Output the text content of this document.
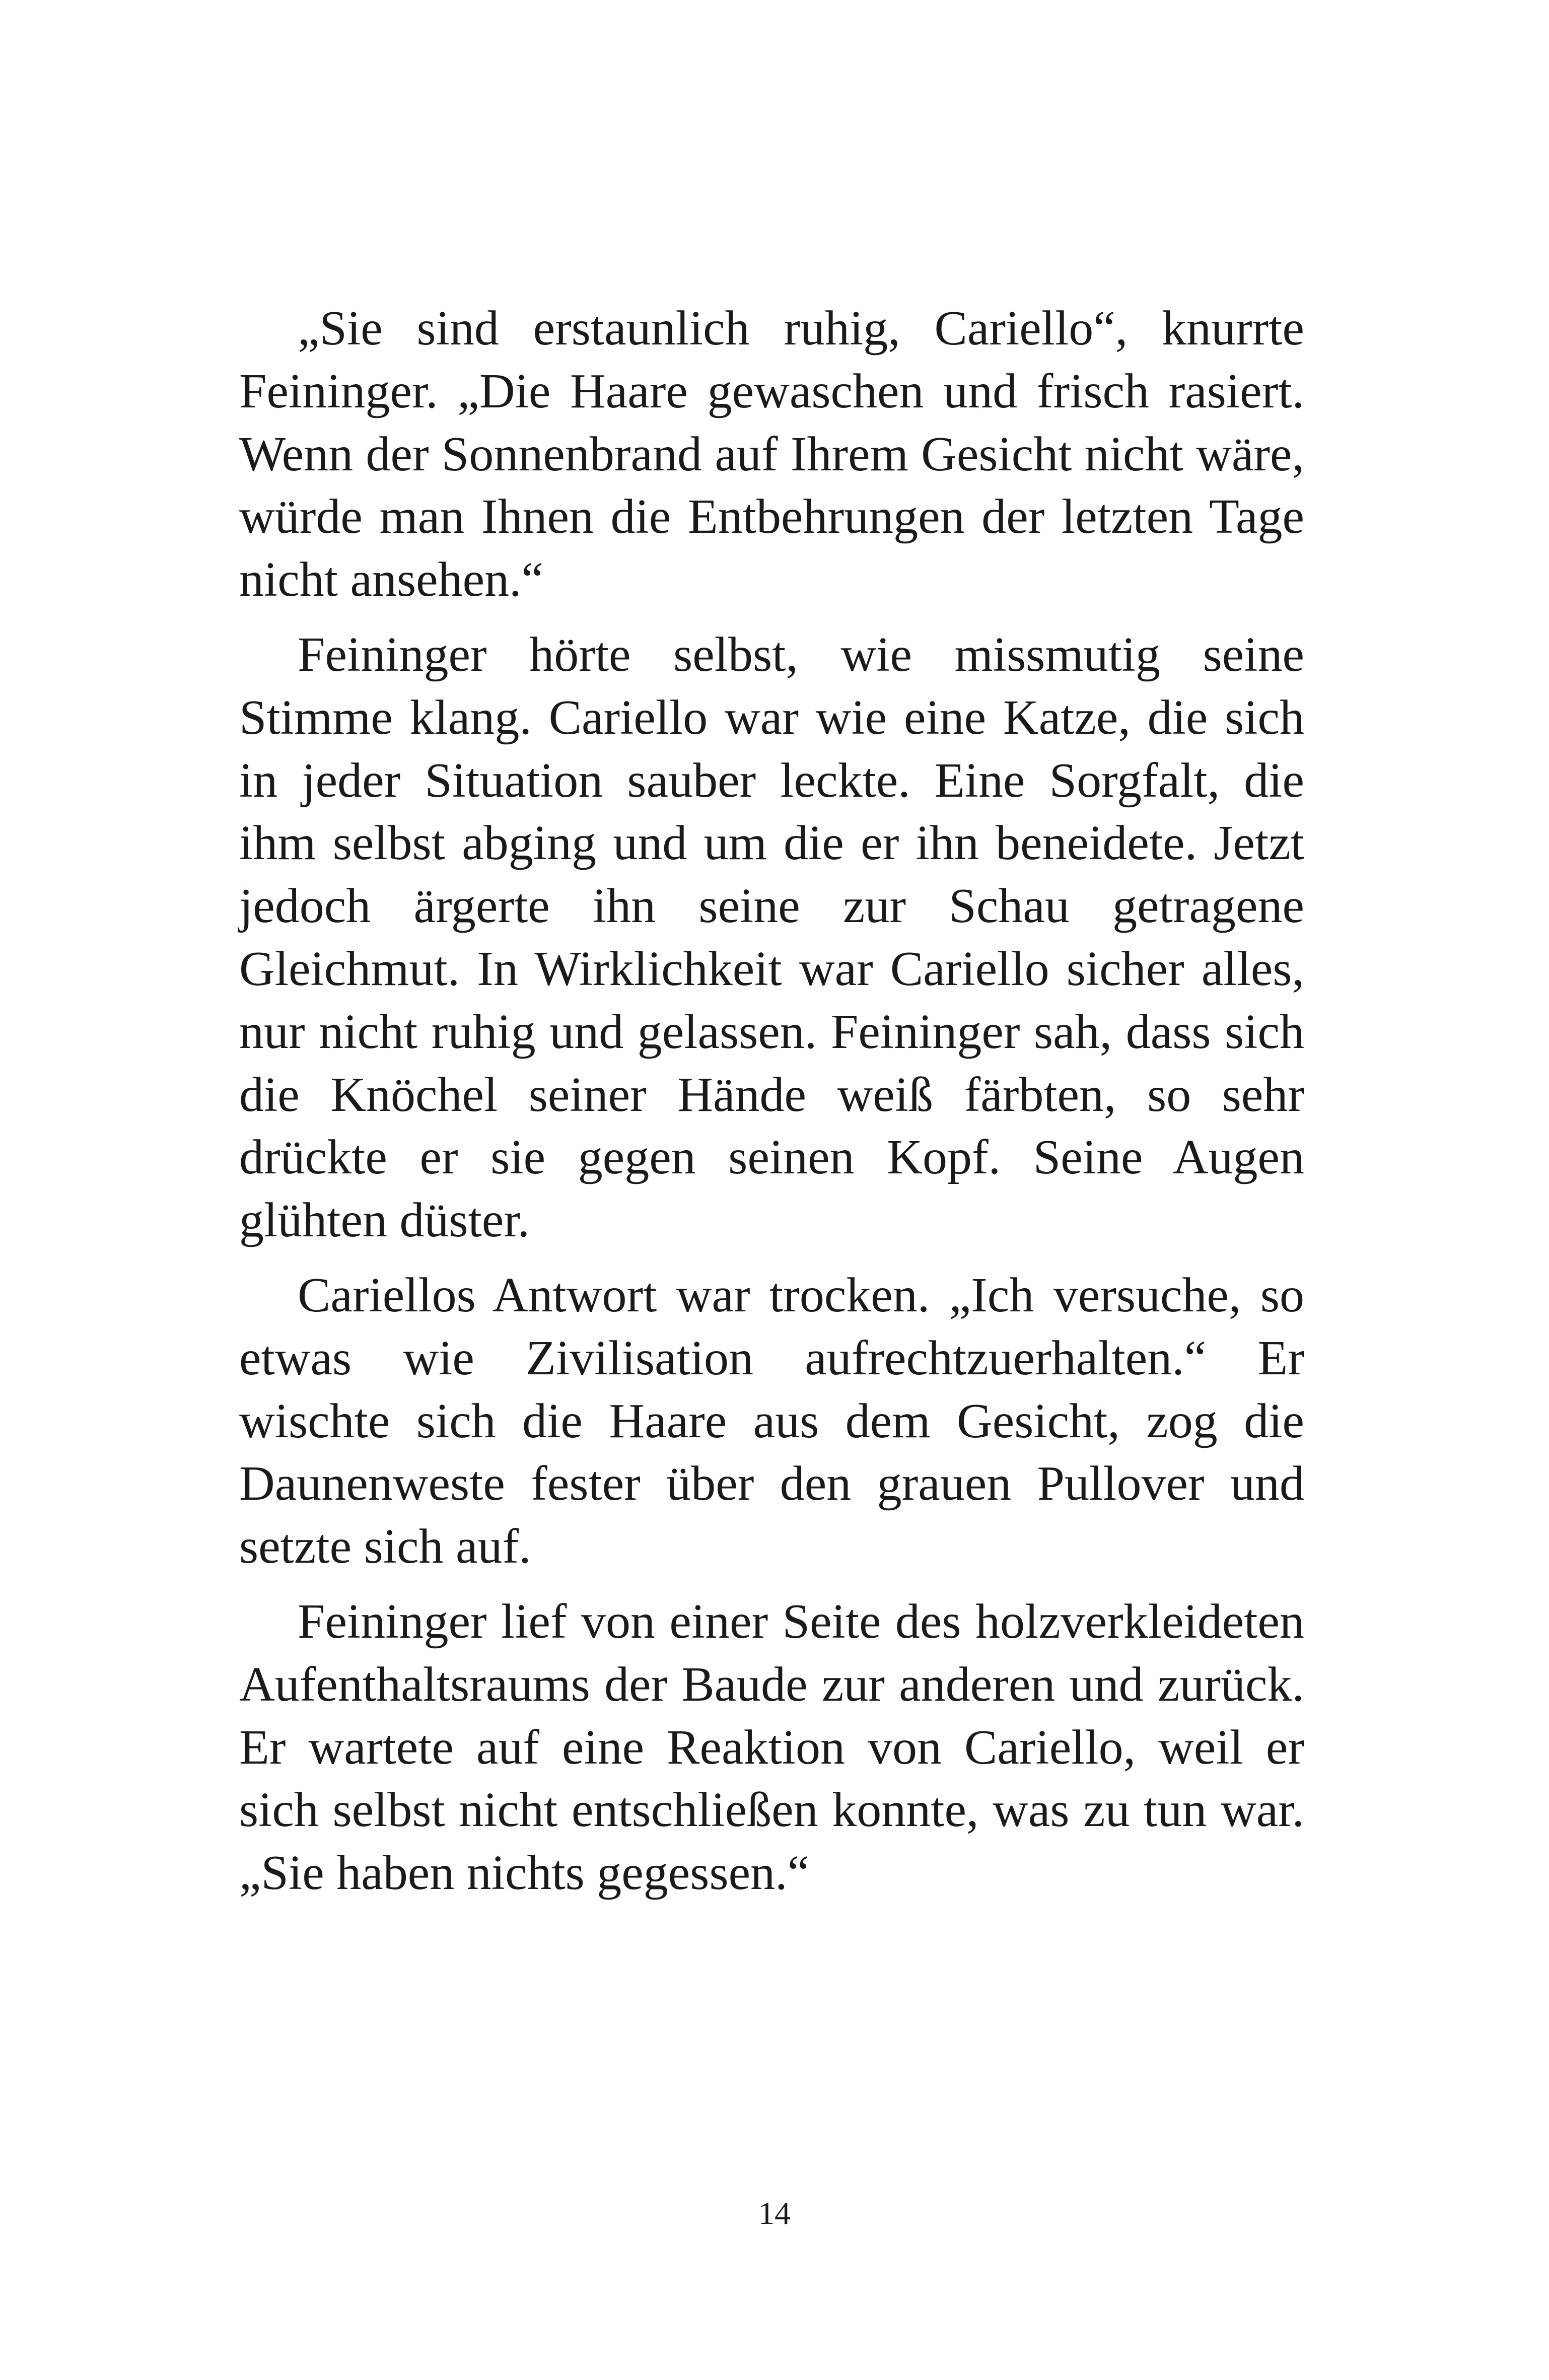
„Sie sind erstaunlich ruhig, Cariello“, knurrte Feininger. „Die Haare gewaschen und frisch rasiert. Wenn der Sonnenbrand auf Ihrem Gesicht nicht wäre, würde man Ihnen die Entbehrungen der letzten Tage nicht ansehen.“

Feininger hörte selbst, wie missmutig seine Stimme klang. Cariello war wie eine Katze, die sich in jeder Situation sauber leckte. Eine Sorgfalt, die ihm selbst abging und um die er ihn beneidete. Jetzt jedoch ärgerte ihn seine zur Schau getragene Gleichmut. In Wirklichkeit war Cariello sicher alles, nur nicht ruhig und gelassen. Feininger sah, dass sich die Knöchel seiner Hände weiß färbten, so sehr drückte er sie gegen seinen Kopf. Seine Augen glühten düster.

Cariellos Antwort war trocken. „Ich versuche, so etwas wie Zivilisation aufrechtzuerhalten.“ Er wischte sich die Haare aus dem Gesicht, zog die Daunenweste fester über den grauen Pullover und setzte sich auf.

Feininger lief von einer Seite des holzverkleideten Aufenthaltsraums der Baude zur anderen und zurück. Er wartete auf eine Reaktion von Cariello, weil er sich selbst nicht entschließen konnte, was zu tun war. „Sie haben nichts gegessen.“

14
